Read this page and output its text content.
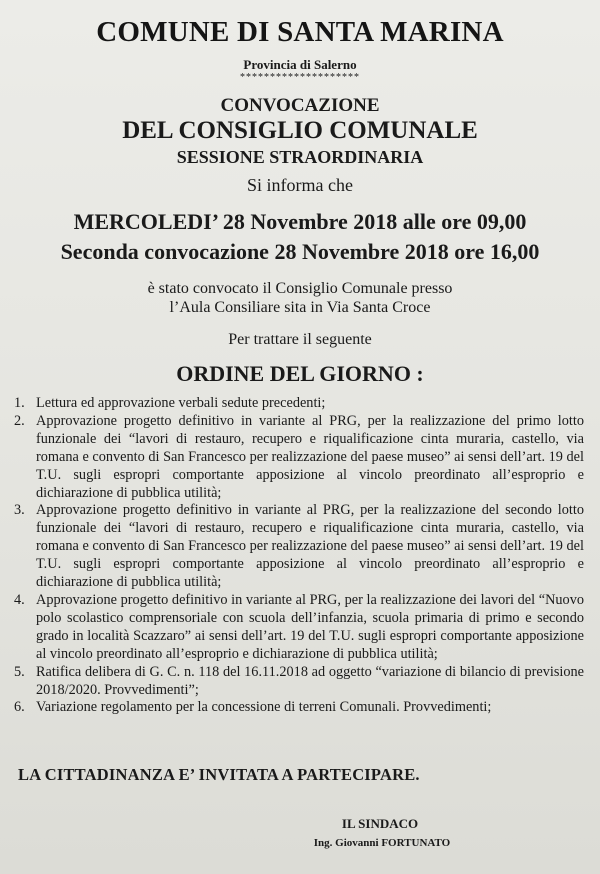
COMUNE DI SANTA MARINA
Provincia di Salerno
********************
CONVOCAZIONE
DEL CONSIGLIO COMUNALE
SESSIONE STRAORDINARIA
Si informa che
MERCOLEDI’ 28 Novembre 2018 alle ore 09,00
Seconda convocazione 28 Novembre 2018 ore 16,00
è stato convocato il Consiglio Comunale presso
l’Aula Consiliare sita in Via Santa Croce
Per trattare il seguente
ORDINE DEL GIORNO :
1. Lettura ed approvazione verbali sedute precedenti;
2. Approvazione progetto definitivo in variante al PRG, per la realizzazione del primo lotto funzionale dei “lavori di restauro, recupero e riqualificazione cinta muraria, castello, via romana e convento di San Francesco per realizzazione del paese museo” ai sensi dell’art. 19 del T.U. sugli espropri comportante apposizione al vincolo preordinato all’esproprio e dichiarazione di pubblica utilità;
3. Approvazione progetto definitivo in variante al PRG, per la realizzazione del secondo lotto funzionale dei “lavori di restauro, recupero e riqualificazione cinta muraria, castello, via romana e convento di San Francesco per realizzazione del paese museo” ai sensi dell’art. 19 del T.U. sugli espropri comportante apposizione al vincolo preordinato all’esproprio e dichiarazione di pubblica utilità;
4. Approvazione progetto definitivo in variante al PRG, per la realizzazione dei lavori del “Nuovo polo scolastico comprensoriale con scuola dell’infanzia, scuola primaria di primo e secondo grado in località Scazzaro” ai sensi dell’art. 19 del T.U. sugli espropri comportante apposizione al vincolo preordinato all’esproprio e dichiarazione di pubblica utilità;
5. Ratifica delibera di G. C. n. 118 del 16.11.2018 ad oggetto “variazione di bilancio di previsione 2018/2020. Provvedimenti”;
6. Variazione regolamento per la concessione di terreni Comunali. Provvedimenti;
LA CITTADINANZA E’ INVITATA A PARTECIPARE.
IL SINDACO
Ing. Giovanni FORTUNATO
